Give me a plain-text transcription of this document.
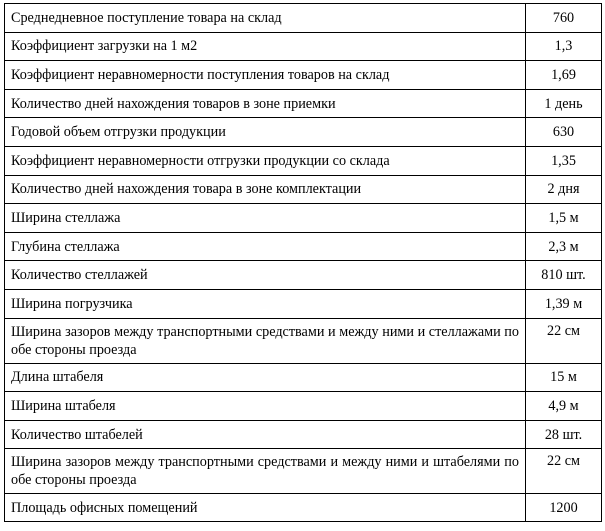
Среднедневное поступление товара на склад	760
Коэффициент загрузки на 1 м2	1,3
Коэффициент неравномерности поступления товаров на склад	1,69
Количество дней нахождения товаров в зоне приемки	1 день
Годовой объем отгрузки продукции	630
Коэффициент неравномерности отгрузки продукции со склада	1,35
Количество дней нахождения товара в зоне комплектации	2 дня
Ширина стеллажа	1,5 м
Глубина стеллажа	2,3 м
Количество стеллажей	810 шт.
Ширина погрузчика	1,39 м
Ширина зазоров между транспортными средствами и между ними и стеллажами по обе стороны проезда	22 см
Длина штабеля	15 м
Ширина штабеля	4,9 м
Количество штабелей	28 шт.
Ширина зазоров между транспортными средствами и между ними и штабелями по обе стороны проезда	22 см
Площадь офисных помещений	1200
